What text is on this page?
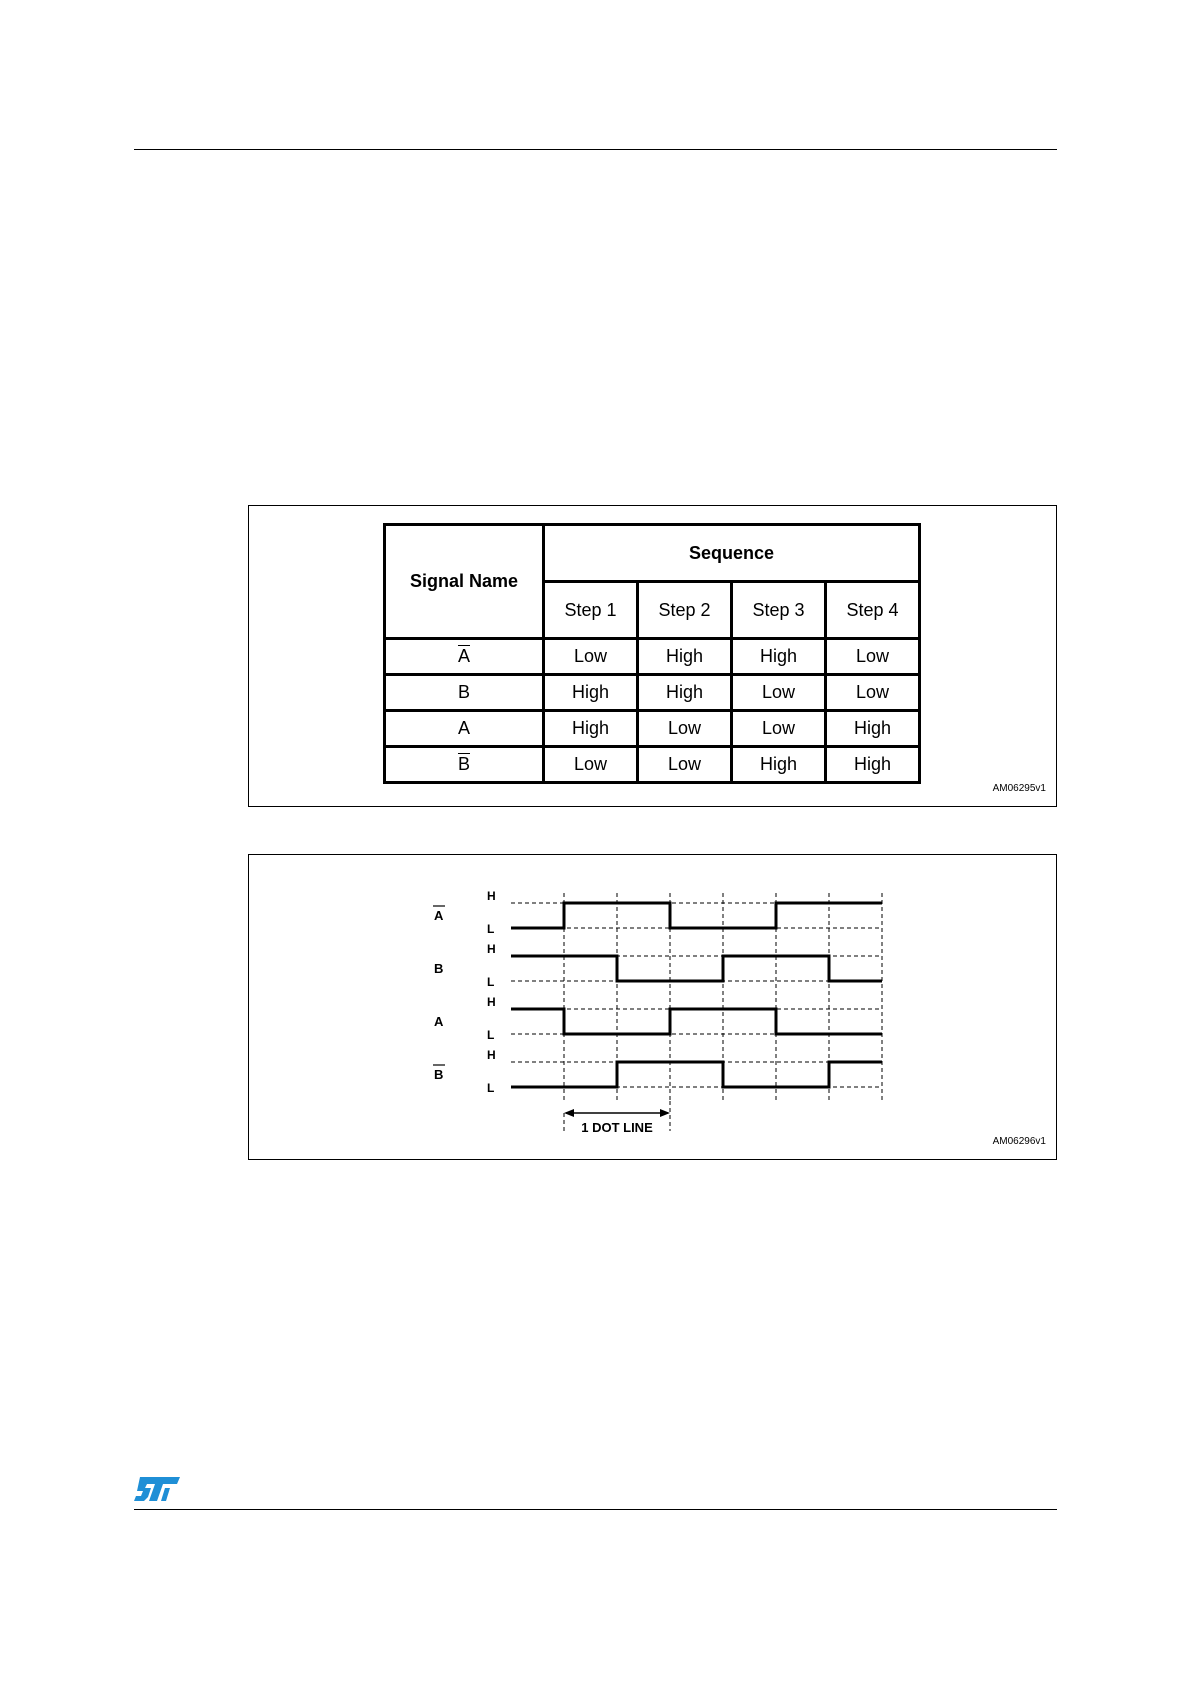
Signal Name	Sequence			
	Step 1	Step 2	Step 3	Step 4
$\overline{A}$	Low	High	High	Low
B	High	High	Low	Low
A	High	Low	Low	High
$\overline{B}$	Low	Low	High	High
AM06295v1
H
L
A
H
L
B
H
L
A
H
L
B
1 DOT LINE
AM06296v1
